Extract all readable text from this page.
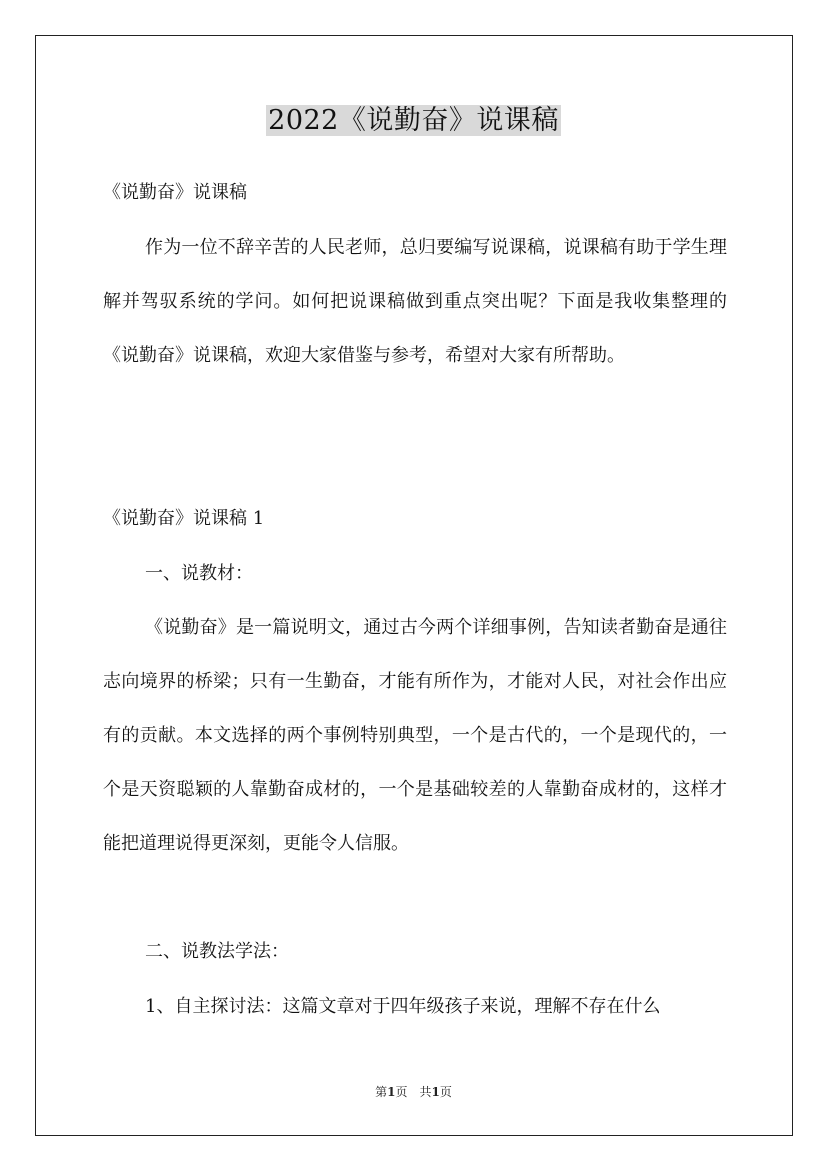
2022《说勤奋》说课稿

《说勤奋》说课稿

作为一位不辞辛苦的人民老师，总归要编写说课稿，说课稿有助于学生理解并驾驭系统的学问。如何把说课稿做到重点突出呢？下面是我收集整理的《说勤奋》说课稿，欢迎大家借鉴与参考，希望对大家有所帮助。

《说勤奋》说课稿 1

一、说教材：

《说勤奋》是一篇说明文，通过古今两个详细事例，告知读者勤奋是通往志向境界的桥梁；只有一生勤奋，才能有所作为，才能对人民，对社会作出应有的贡献。本文选择的两个事例特别典型，一个是古代的，一个是现代的，一个是天资聪颖的人靠勤奋成材的，一个是基础较差的人靠勤奋成材的，这样才能把道理说得更深刻，更能令人信服。

二、说教法学法：

1、自主探讨法：这篇文章对于四年级孩子来说，理解不存在什么

第1页　共1页
